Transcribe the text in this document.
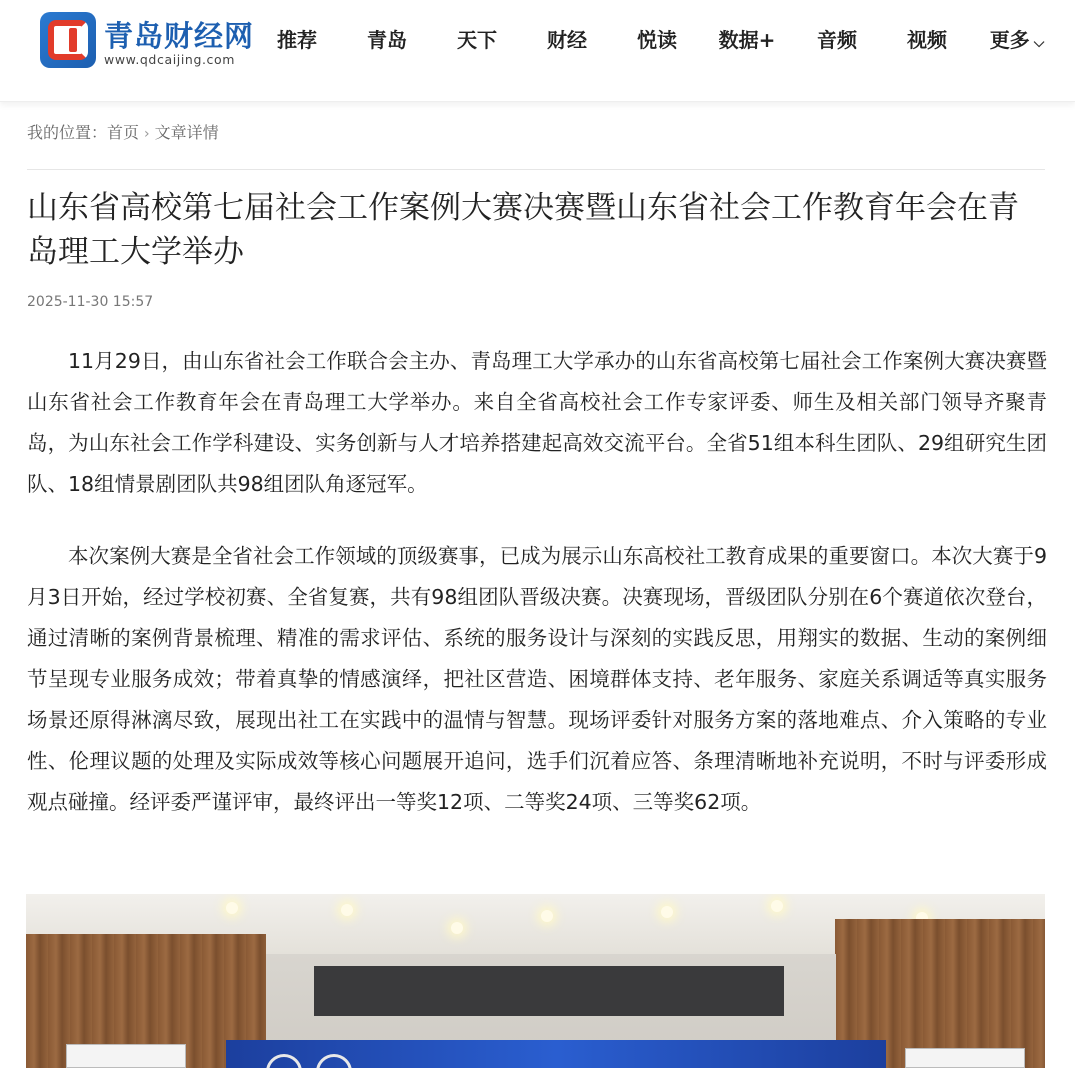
青岛财经网
www.qdcaijing.com
推荐	青岛	天下	财经	悦读	数据+	音频	视频	更多 ⌵
我的位置：首页 › 文章详情
山东省高校第七届社会工作案例大赛决赛暨山东省社会工作教育年会在青岛理工大学举办
2025-11-30 15:57

11月29日，由山东省社会工作联合会主办、青岛理工大学承办的山东省高校第七届社会工作案例大赛决赛暨山东省社会工作教育年会在青岛理工大学举办。来自全省高校社会工作专家评委、师生及相关部门领导齐聚青岛，为山东社会工作学科建设、实务创新与人才培养搭建起高效交流平台。全省51组本科生团队、29组研究生团队、18组情景剧团队共98组团队角逐冠军。

本次案例大赛是全省社会工作领域的顶级赛事，已成为展示山东高校社工教育成果的重要窗口。本次大赛于9月3日开始，经过学校初赛、全省复赛，共有98组团队晋级决赛。决赛现场，晋级团队分别在6个赛道依次登台，通过清晰的案例背景梳理、精准的需求评估、系统的服务设计与深刻的实践反思，用翔实的数据、生动的案例细节呈现专业服务成效；带着真挚的情感演绎，把社区营造、困境群体支持、老年服务、家庭关系调适等真实服务场景还原得淋漓尽致，展现出社工在实践中的温情与智慧。现场评委针对服务方案的落地难点、介入策略的专业性、伦理议题的处理及实际成效等核心问题展开追问，选手们沉着应答、条理清晰地补充说明，不时与评委形成观点碰撞。经评委严谨评审，最终评出一等奖12项、二等奖24项、三等奖62项。
